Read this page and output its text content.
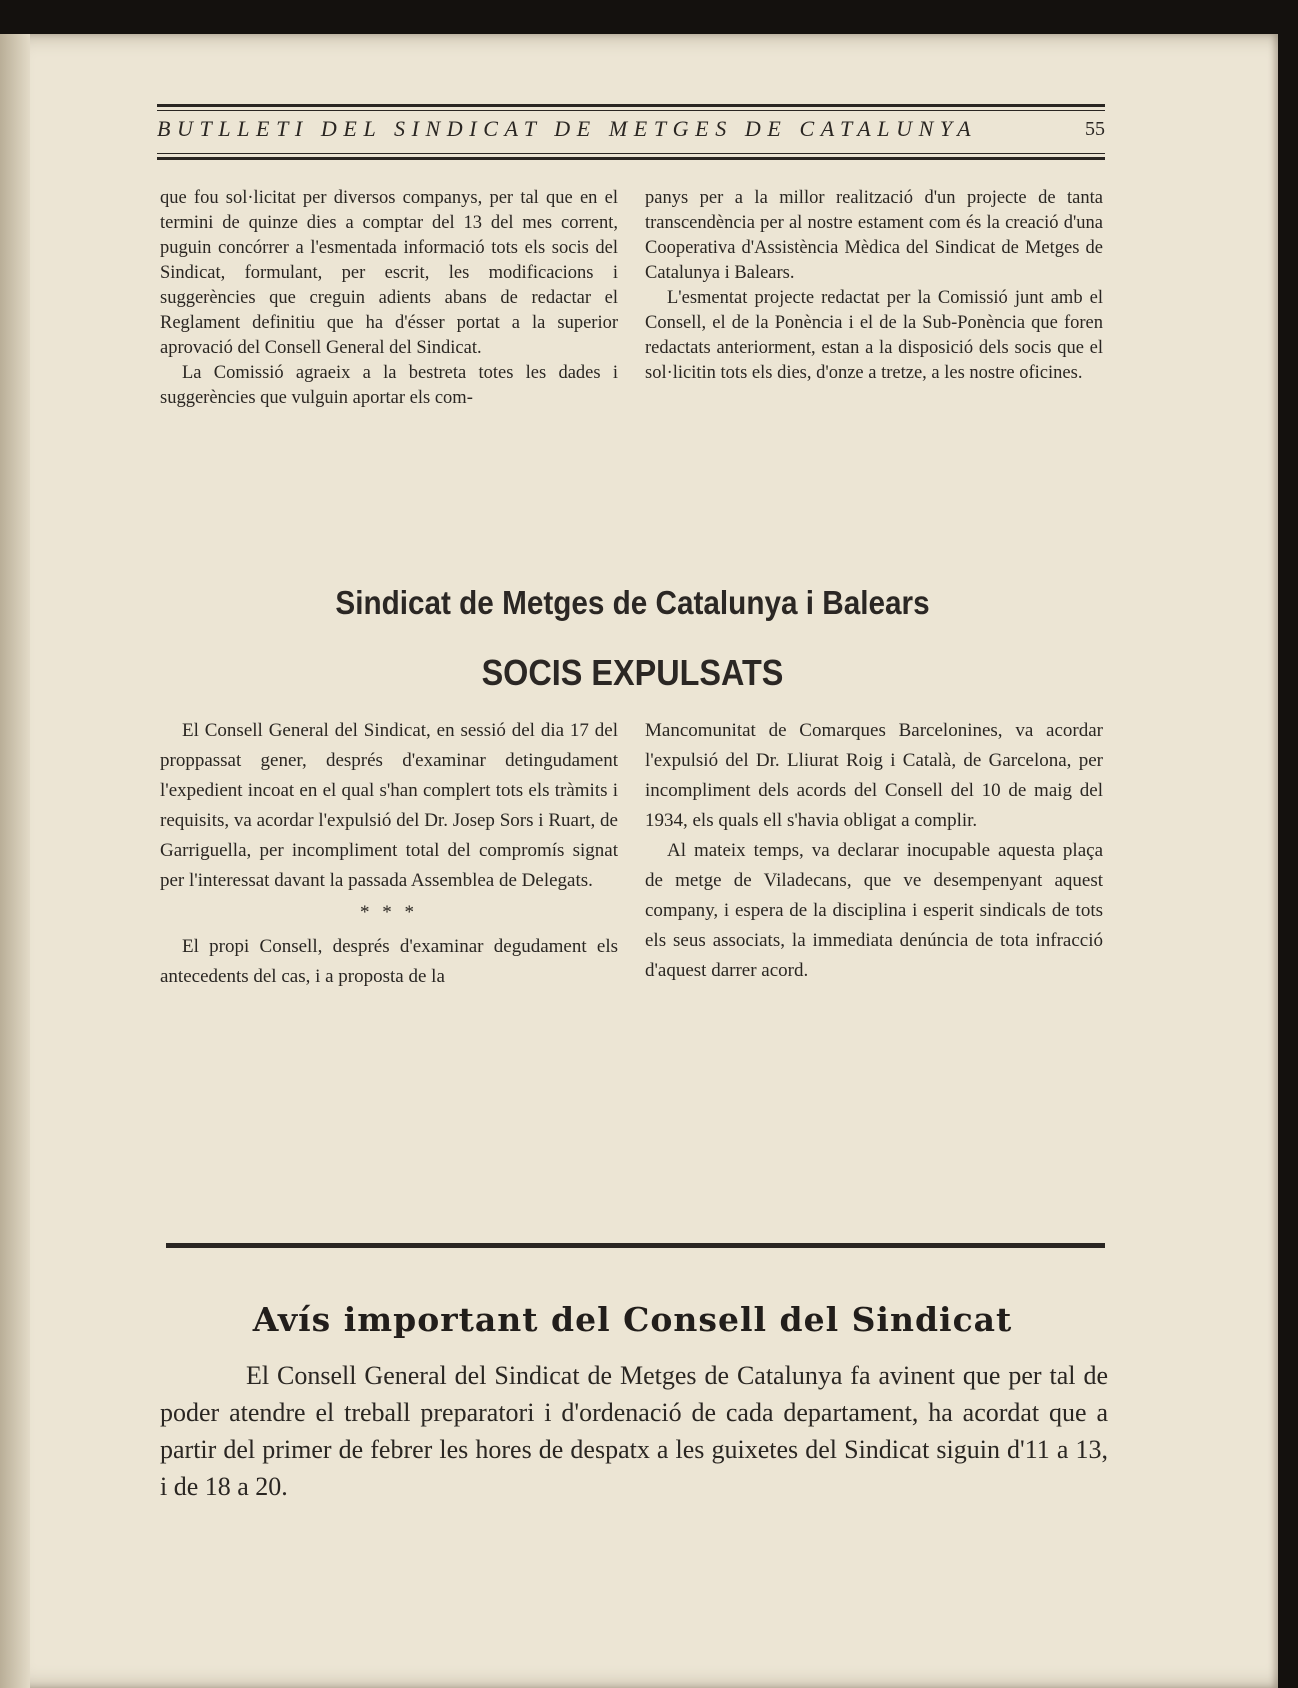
BUTLLETI DEL SINDICAT DE METGES DE CATALUNYA	55

que fou sol·licitat per diversos companys, per tal que en el termini de quinze dies a comptar del 13 del mes corrent, puguin concórrer a l'esmentada informació tots els socis del Sindicat, formulant, per escrit, les modificacions i suggerències que creguin adients abans de redactar el Reglament definitiu que ha d'ésser portat a la superior aprovació del Consell General del Sindicat.

La Comissió agraeix a la bestreta totes les dades i suggerències que vulguin aportar els com-

panys per a la millor realització d'un projecte de tanta transcendència per al nostre estament com és la creació d'una Cooperativa d'Assistència Mèdica del Sindicat de Metges de Catalunya i Balears.

L'esmentat projecte redactat per la Comissió junt amb el Consell, el de la Ponència i el de la Sub-Ponència que foren redactats anteriorment, estan a la disposició dels socis que el sol·licitin tots els dies, d'onze a tretze, a les nostre oficines.

Sindicat de Metges de Catalunya i Balears
SOCIS EXPULSATS

El Consell General del Sindicat, en sessió del dia 17 del proppassat gener, després d'examinar detingudament l'expedient incoat en el qual s'han complert tots els tràmits i requisits, va acordar l'expulsió del Dr. Josep Sors i Ruart, de Garriguella, per incompliment total del compromís signat per l'interessat davant la passada Assemblea de Delegats.

* * *

El propi Consell, després d'examinar degudament els antecedents del cas, i a proposta de la

Mancomunitat de Comarques Barcelonines, va acordar l'expulsió del Dr. Lliurat Roig i Català, de Garcelona, per incompliment dels acords del Consell del 10 de maig del 1934, els quals ell s'havia obligat a complir.

Al mateix temps, va declarar inocupable aquesta plaça de metge de Viladecans, que ve desempenyant aquest company, i espera de la disciplina i esperit sindicals de tots els seus associats, la immediata denúncia de tota infracció d'aquest darrer acord.

Avís important del Consell del Sindicat

El Consell General del Sindicat de Metges de Catalunya fa avinent que per tal de poder atendre el treball preparatori i d'ordenació de cada departament, ha acordat que a partir del primer de febrer les hores de despatx a les guixetes del Sindicat siguin d'11 a 13, i de 18 a 20.
